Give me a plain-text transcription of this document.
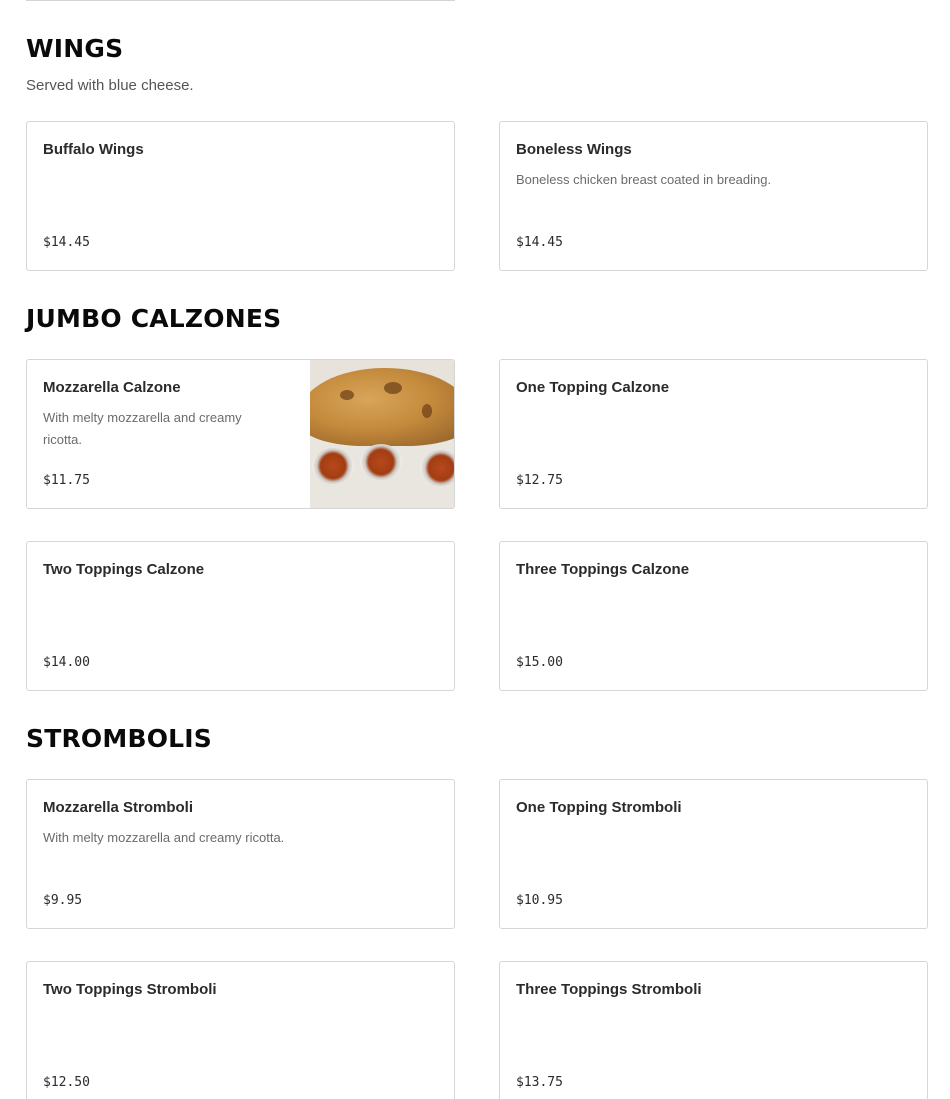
WINGS

Served with blue cheese.

Buffalo Wings
$14.45
Boneless Wings
Boneless chicken breast coated in breading.
$14.45
JUMBO CALZONES
Mozzarella Calzone
With melty mozzarella and creamy ricotta.
$11.75
One Topping Calzone
$12.75
Two Toppings Calzone
$14.00
Three Toppings Calzone
$15.00
STROMBOLIS
Mozzarella Stromboli
With melty mozzarella and creamy ricotta.
$9.95
One Topping Stromboli
$10.95
Two Toppings Stromboli
$12.50
Three Toppings Stromboli
$13.75
